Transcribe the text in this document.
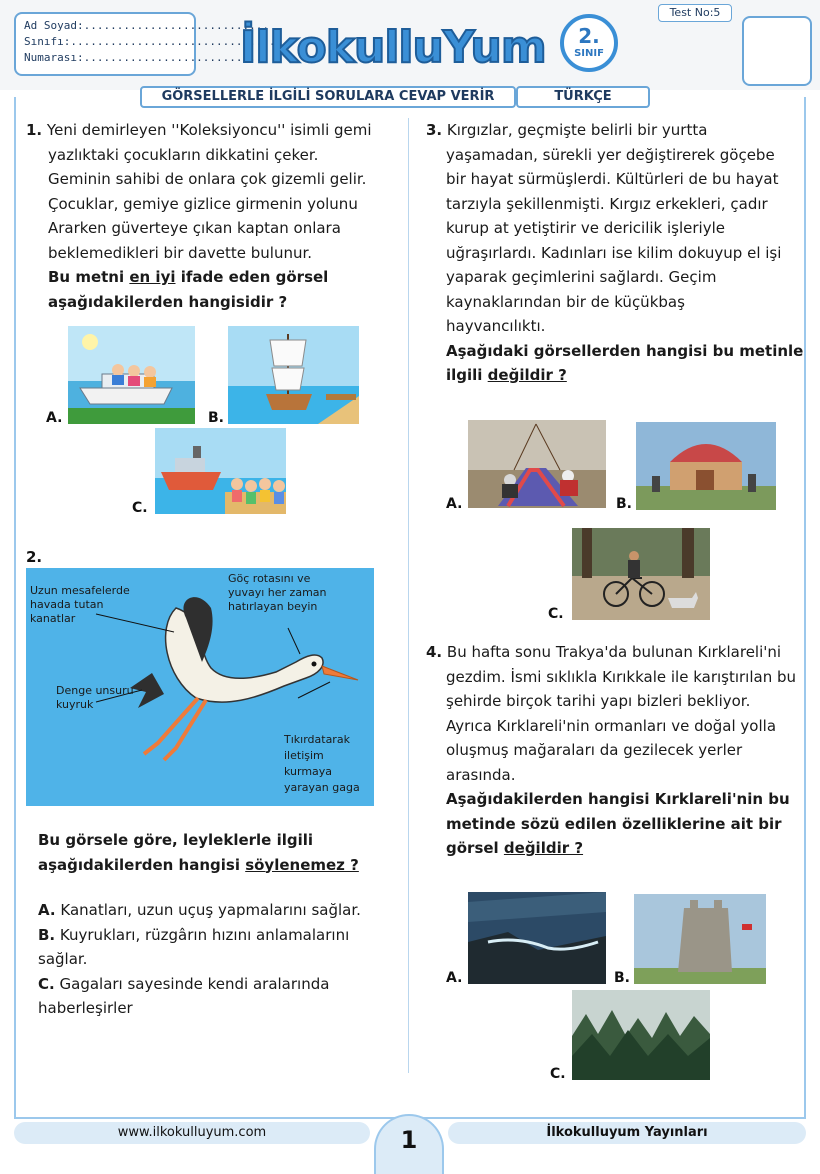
Ad Soyad:............................
Sınıfı:..................................
Numarası:...........................
İlkokulluYum	2.
SINIF
Test No:5
GÖRSELLERLE İLGİLİ SORULARA CEVAP VERİR	TÜRKÇE
1. Yeni demirleyen ''Koleksiyoncu'' isimli gemi
yazlıktaki çocukların dikkatini çeker.
Geminin sahibi de onlara çok gizemli gelir.
Çocuklar, gemiye gizlice girmenin yolunu
Ararken güverteye çıkan kaptan onlara
beklemedikleri bir davette bulunur.
Bu metni en iyi ifade eden görsel
aşağıdakilerden hangisidir ?
A.	B.
C.
2.
Uzun mesafelerde
havada tutan
kanatlar
Göç rotasını ve
yuvayı her zaman
hatırlayan beyin
Denge unsuru
kuyruk
Tıkırdatarak
iletişim kurmaya
yarayan gaga
Bu görsele göre, leyleklerle ilgili
aşağıdakilerden hangisi söylenemez ?
A. Kanatları, uzun uçuş yapmalarını sağlar.
B. Kuyrukları, rüzgârın hızını anlamalarını
sağlar.
C. Gagaları sayesinde kendi aralarında
haberleşirler
3. Kırgızlar, geçmişte belirli bir yurtta
yaşamadan, sürekli yer değiştirerek göçebe
bir hayat sürmüşlerdi. Kültürleri de bu hayat
tarzıyla şekillenmişti. Kırgız erkekleri, çadır
kurup at yetiştirir ve dericilik işleriyle
uğraşırlardı. Kadınları ise kilim dokuyup el işi
yaparak geçimlerini sağlardı. Geçim
kaynaklarından bir de küçükbaş
hayvancılıktı.
Aşağıdaki görsellerden hangisi bu metinle
ilgili değildir ?
A.	B.
C.
4. Bu hafta sonu Trakya'da bulunan Kırklareli'ni
gezdim. İsmi sıklıkla Kırıkkale ile karıştırılan bu
şehirde birçok tarihi yapı bizleri bekliyor.
Ayrıca Kırklareli'nin ormanları ve doğal yolla
oluşmuş mağaraları da gezilecek yerler
arasında.
Aşağıdakilerden hangisi Kırklareli'nin bu
metinde sözü edilen özelliklerine ait bir
görsel değildir ?
A.	B.
C.
www.ilkokulluyum.com	1	İlkokulluyum Yayınları
